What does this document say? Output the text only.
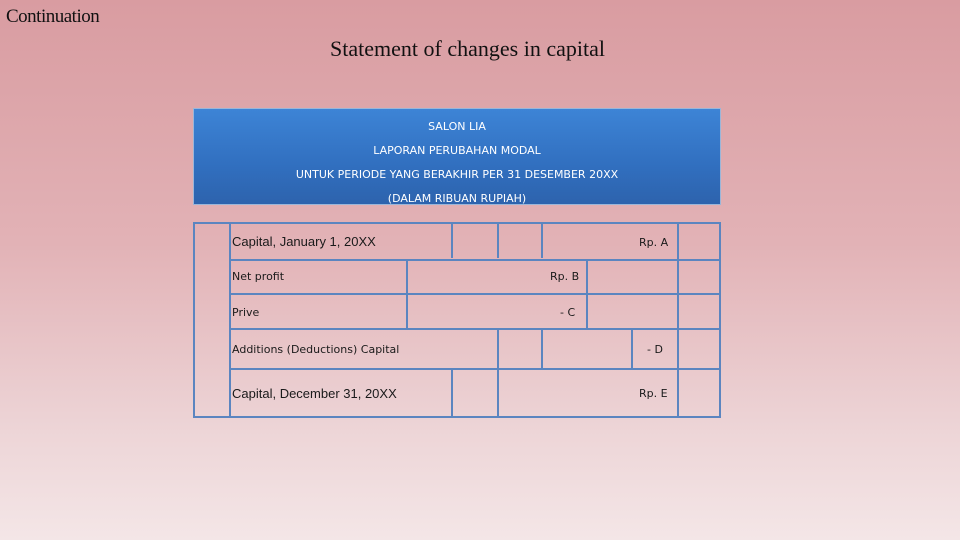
Continuation
Statement of changes in capital
SALON LIA
LAPORAN PERUBAHAN MODAL
UNTUK PERIODE YANG BERAKHIR PER 31 DESEMBER 20XX
(DALAM RIBUAN RUPIAH)
Capital, January 1, 20XX	Rp. A
Net profit	Rp. B
Prive	- C
Additions (Deductions) Capital	- D
Capital, December 31, 20XX	Rp. E
